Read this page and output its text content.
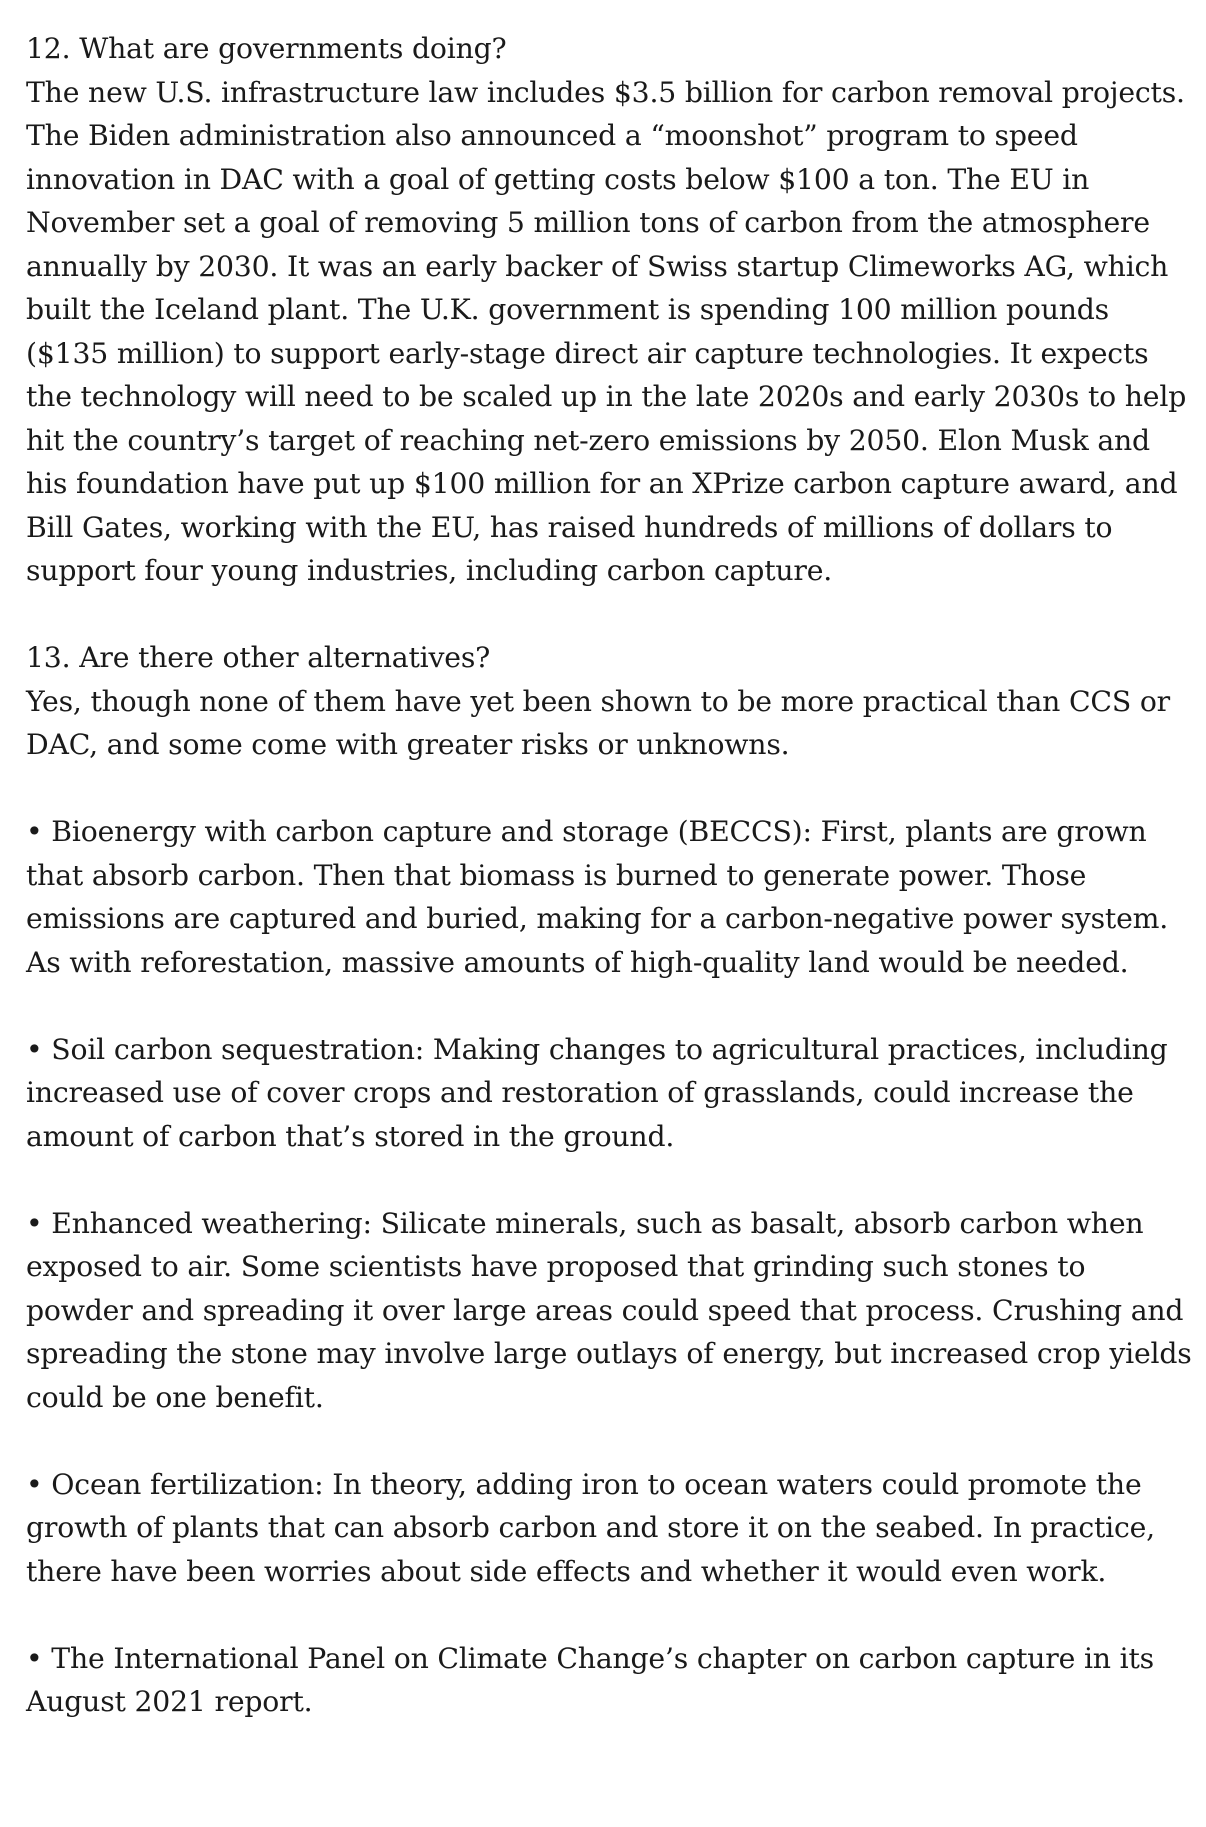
12. What are governments doing?

The new U.S. infrastructure law includes $3.5 billion for carbon removal projects. The Biden administration also announced a “moonshot” program to speed innovation in DAC with a goal of getting costs below $100 a ton. The EU in November set a goal of removing 5 million tons of carbon from the atmosphere annually by 2030. It was an early backer of Swiss startup Climeworks AG, which built the Iceland plant. The U.K. government is spending 100 million pounds ($135 million) to support early-stage direct air capture technologies. It expects the technology will need to be scaled up in the late 2020s and early 2030s to help hit the country’s target of reaching net-zero emissions by 2050. Elon Musk and his foundation have put up $100 million for an XPrize carbon capture award, and Bill Gates, working with the EU, has raised hundreds of millions of dollars to support four young industries, including carbon capture.

13. Are there other alternatives?

Yes, though none of them have yet been shown to be more practical than CCS or DAC, and some come with greater risks or unknowns.

• Bioenergy with carbon capture and storage (BECCS): First, plants are grown that absorb carbon. Then that biomass is burned to generate power. Those emissions are captured and buried, making for a carbon-negative power system. As with reforestation, massive amounts of high-quality land would be needed.

• Soil carbon sequestration: Making changes to agricultural practices, including increased use of cover crops and restoration of grasslands, could increase the amount of carbon that’s stored in the ground.

• Enhanced weathering: Silicate minerals, such as basalt, absorb carbon when exposed to air. Some scientists have proposed that grinding such stones to powder and spreading it over large areas could speed that process. Crushing and spreading the stone may involve large outlays of energy, but increased crop yields could be one benefit.

• Ocean fertilization: In theory, adding iron to ocean waters could promote the growth of plants that can absorb carbon and store it on the seabed. In practice, there have been worries about side effects and whether it would even work.

• The International Panel on Climate Change’s chapter on carbon capture in its August 2021 report.
